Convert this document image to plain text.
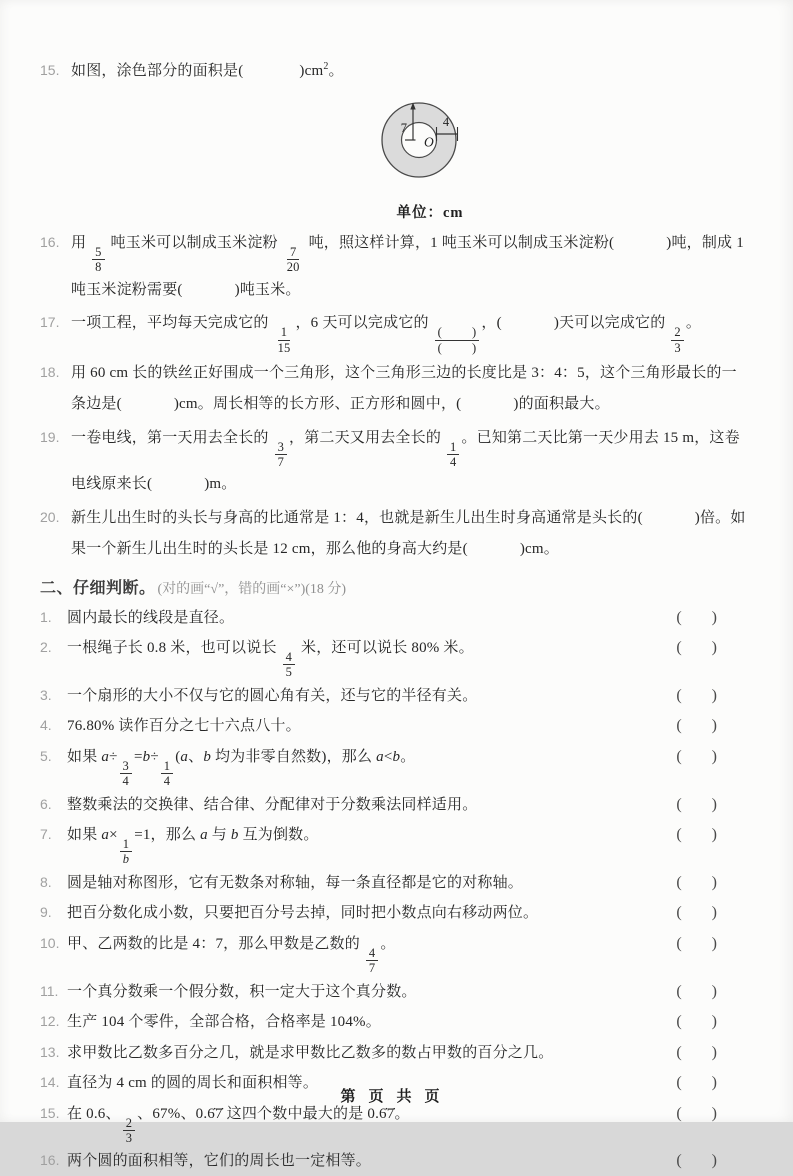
15. 如图，涂色部分的面积是(	)$cm^2$。
7
O
4

单位：cm
16. 用
$\frac{5}{8}$
吨玉米可以制成玉米淀粉
$\frac{7}{20}$
吨，照这样计算，1 吨玉米可以制成玉米淀粉(	)吨，制成 1 吨玉米淀粉需要(	)吨玉米。
17. 一项工程，平均每天完成它的
$\frac{1}{15}$
，6 天可以完成它的
$\frac{( )}{( )}$
，(	)天可以完成它的
$\frac{2}{3}$
。
18. 用 60 cm 长的铁丝正好围成一个三角形，这个三角形三边的长度比是 3：4：5，这个三角形最长的一条边是(	)cm。周长相等的长方形、正方形和圆中，(	)的面积最大。
19. 一卷电线，第一天用去全长的
$\frac{3}{7}$
，第二天又用去全长的
$\frac{1}{4}$
。已知第二天比第一天少用去 15 m，这卷电线原来长(	)m。
20. 新生儿出生时的头长与身高的比通常是 1：4，也就是新生儿出生时身高通常是头长的(	)倍。如果一个新生儿出生时的头长是 12 cm，那么他的身高大约是(	)cm。
二、仔细判断。 (对的画“√”，错的画“×”)(18 分)
1.	圆内最长的线段是直径。	( )
2.	一根绳子长 0.8 米，也可以说长
$\frac{4}{5}$
米，还可以说长 80% 米。	( )
3.	一个扇形的大小不仅与它的圆心角有关，还与它的半径有关。	( )
4.	76.80% 读作百分之七十六点八十。	( )
5.	如果 a÷
$\frac{3}{4}$
=b÷
$\frac{1}{4}$
(a、b 均为非零自然数)，那么 a<b。	( )
6.	整数乘法的交换律、结合律、分配律对于分数乘法同样适用。	( )
7.	如果 a×
$\frac{1}{b}$
=1，那么 a 与 b 互为倒数。	( )
8.	圆是轴对称图形，它有无数条对称轴，每一条直径都是它的对称轴。	( )
9.	把百分数化成小数，只要把百分号去掉，同时把小数点向右移动两位。	( )
10. 甲、乙两数的比是 4：7，那么甲数是乙数的
$\frac{4}{7}$
。	( )
11. 一个真分数乘一个假分数，积一定大于这个真分数。	( )
12. 生产 104 个零件，全部合格，合格率是 104%。	( )
13. 求甲数比乙数多百分之几，就是求甲数比乙数多的数占甲数的百分之几。	( )
14. 直径为 4 cm 的圆的周长和面积相等。	( )
15. 在 0.6、
$\frac{2}{3}$
、67%、0.6̇7̇ 这四个数中最大的是 0.6̇7̇。	( )
16. 两个圆的面积相等，它们的周长也一定相等。	( )
第页共页
